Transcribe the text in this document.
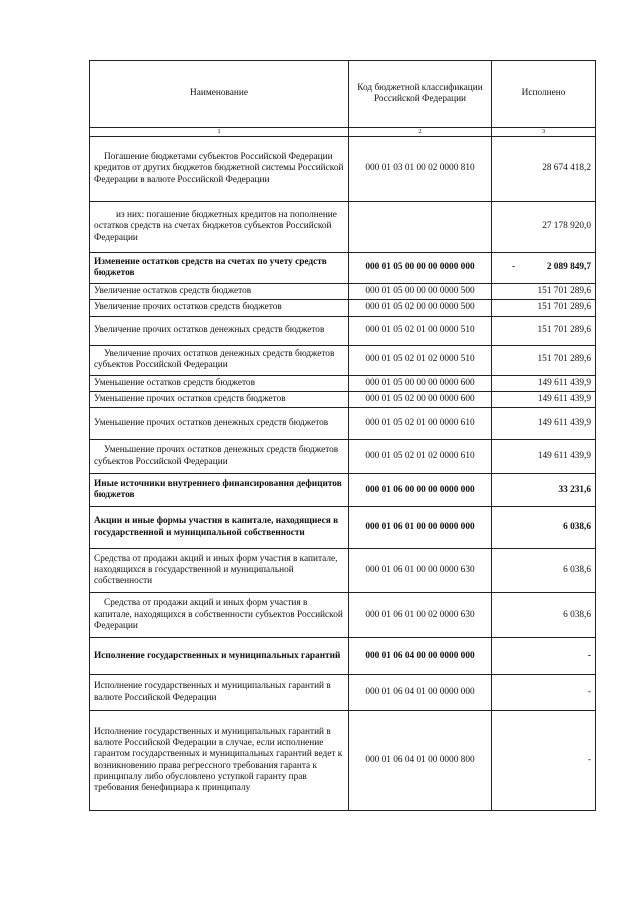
Наименование	Код бюджетной классификации Российской Федерации	Исполнено
1	2	3
Погашение бюджетами субъектов Российской Федерации кредитов от других бюджетов бюджетной системы Российской Федерации в валюте Российской Федерации	000 01 03 01 00 02 0000 810	28 674 418,2
из них: погашение бюджетных кредитов на пополнение остатков средств на счетах бюджетов субъектов Российской Федерации		27 178 920,0
Изменение остатков средств на счетах по учету средств бюджетов	000 01 05 00 00 00 0000 000	- 2 089 849,7
Увеличение остатков средств бюджетов	000 01 05 00 00 00 0000 500	151 701 289,6
Увеличение прочих остатков средств бюджетов	000 01 05 02 00 00 0000 500	151 701 289,6
Увеличение прочих остатков денежных средств бюджетов	000 01 05 02 01 00 0000 510	151 701 289,6
Увеличение прочих остатков денежных средств бюджетов субъектов Российской Федерации	000 01 05 02 01 02 0000 510	151 701 289,6
Уменьшение остатков средств бюджетов	000 01 05 00 00 00 0000 600	149 611 439,9
Уменьшение прочих остатков средств бюджетов	000 01 05 02 00 00 0000 600	149 611 439,9
Уменьшение прочих остатков денежных средств бюджетов	000 01 05 02 01 00 0000 610	149 611 439,9
Уменьшение прочих остатков денежных средств бюджетов субъектов Российской Федерации	000 01 05 02 01 02 0000 610	149 611 439,9
Иные источники внутреннего финансирования дефицитов бюджетов	000 01 06 00 00 00 0000 000	33 231,6
Акции и иные формы участия в капитале, находящиеся в государственной и муниципальной собственности	000 01 06 01 00 00 0000 000	6 038,6
Средства от продажи акций и иных форм участия в капитале, находящихся в государственной и муниципальной собственности	000 01 06 01 00 00 0000 630	6 038,6
Средства от продажи акций и иных форм участия в капитале, находящихся в собственности субъектов Российской Федерации	000 01 06 01 00 02 0000 630	6 038,6
Исполнение государственных и муниципальных гарантий	000 01 06 04 00 00 0000 000	-
Исполнение государственных и муниципальных гарантий в валюте Российской Федерации	000 01 06 04 01 00 0000 000	-
Исполнение государственных и муниципальных гарантий в валюте Российской Федерации в случае, если исполнение гарантом государственных и муниципальных гарантий ведет к возникновению права регрессного требования гаранта к принципалу либо обусловлено уступкой гаранту прав требования бенефициара к принципалу	000 01 06 04 01 00 0000 800	-
